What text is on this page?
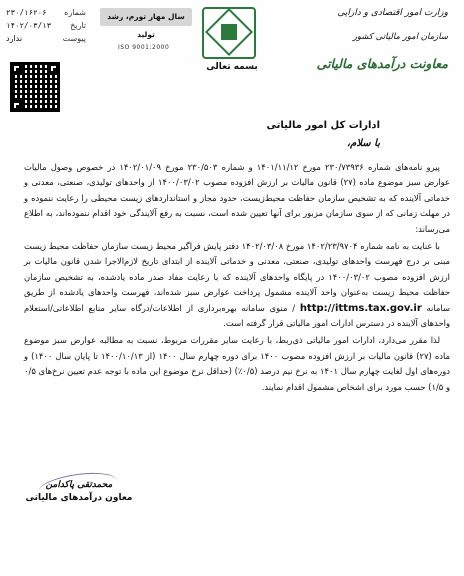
شماره
۲۳۰/۱۶۲۰۶
تاریخ
۱۴۰۲/۰۳/۱۳
پیوست
ندارد
سال مهار تورم، رشد تولید
ISO 9001:2000
بسمه تعالی
وزارت امور اقتصادی و دارایی
سازمان امور مالیاتی کشور
معاونت درآمدهای مالیاتی
ادارات کل امور مالیاتی
با سلام،

پیرو نامه‌های شماره ۲۳۰/۷۳۹۳۶ مورخ ۱۴۰۱/۱۱/۱۲ و شماره ۲۳۰/۵۰۳ مورخ ۱۴۰۲/۰۱/۰۹ در خصوص وصول مالیات عوارض سبز موضوع ماده (۲۷) قانون مالیات بر ارزش افزوده مصوب ۱۴۰۰/۰۳/۰۲ از واحدهای تولیدی، صنعتی، معدنی و خدماتی آلاینده که به تشخیص سازمان حفاظت محیط‌زیست، حدود مجاز و استانداردهای زیست محیطی را رعایت ننموده و در مهلت زمانی که از سوی سازمان مزبور برای آنها تعیین شده است، نسبت به رفع آلایندگی خود اقدام ننموده‌اند، به اطلاع می‌رساند:

با عنایت به نامه شماره ۱۴۰۲/۲۳/۹۷۰۴ مورخ ۱۴۰۲/۰۳/۰۸ دفتر پایش فراگیر محیط زیست سازمان حفاظت محیط زیست مبنی بر درج فهرست واحدهای تولیدی، صنعتی، معدنی و خدماتی آلاینده از ابتدای تاریخ لازم‌الاجرا شدن قانون مالیات بر ارزش افزوده مصوب ۱۴۰۰/۰۳/۰۲ در پایگاه واحدهای آلاینده که با رعایت مفاد صدر ماده یادشده، به تشخیص سازمان حفاظت محیط زیست به‌عنوان واحد آلاینده مشمول پرداخت عوارض سبز شده‌اند، فهرست واحدهای یادشده از طریق سامانه http://ittms.tax.gov.ir / منوی سامانه بهره‌برداری از اطلاعات/درگاه سایر منابع اطلاعاتی/استعلام واحدهای آلاینده در دسترس ادارات امور مالیاتی قرار گرفته است.

لذا مقرر می‌دارد، ادارات امور مالیاتی ذی‌ربط، با رعایت سایر مقررات مربوط، نسبت به مطالبه عوارض سبز موضوع ماده (۲۷) قانون مالیات بر ارزش افزوده مصوب ۱۴۰۰ برای دوره چهارم سال ۱۴۰۰ (از ۱۴۰۰/۱۰/۱۳ تا پایان سال ۱۴۰۰) و دوره‌های اول لغایت چهارم سال ۱۴۰۱ به نرخ نیم درصد (۰/۵٪) (حداقل نرخ موضوع این ماده با توجه عدم تعیین نرخ‌های ۰/۵ و ۱/۵) حسب مورد برای اشخاص مشمول اقدام نمایند.

محمدتقی پاکدامن
معاون درآمدهای مالیاتی
